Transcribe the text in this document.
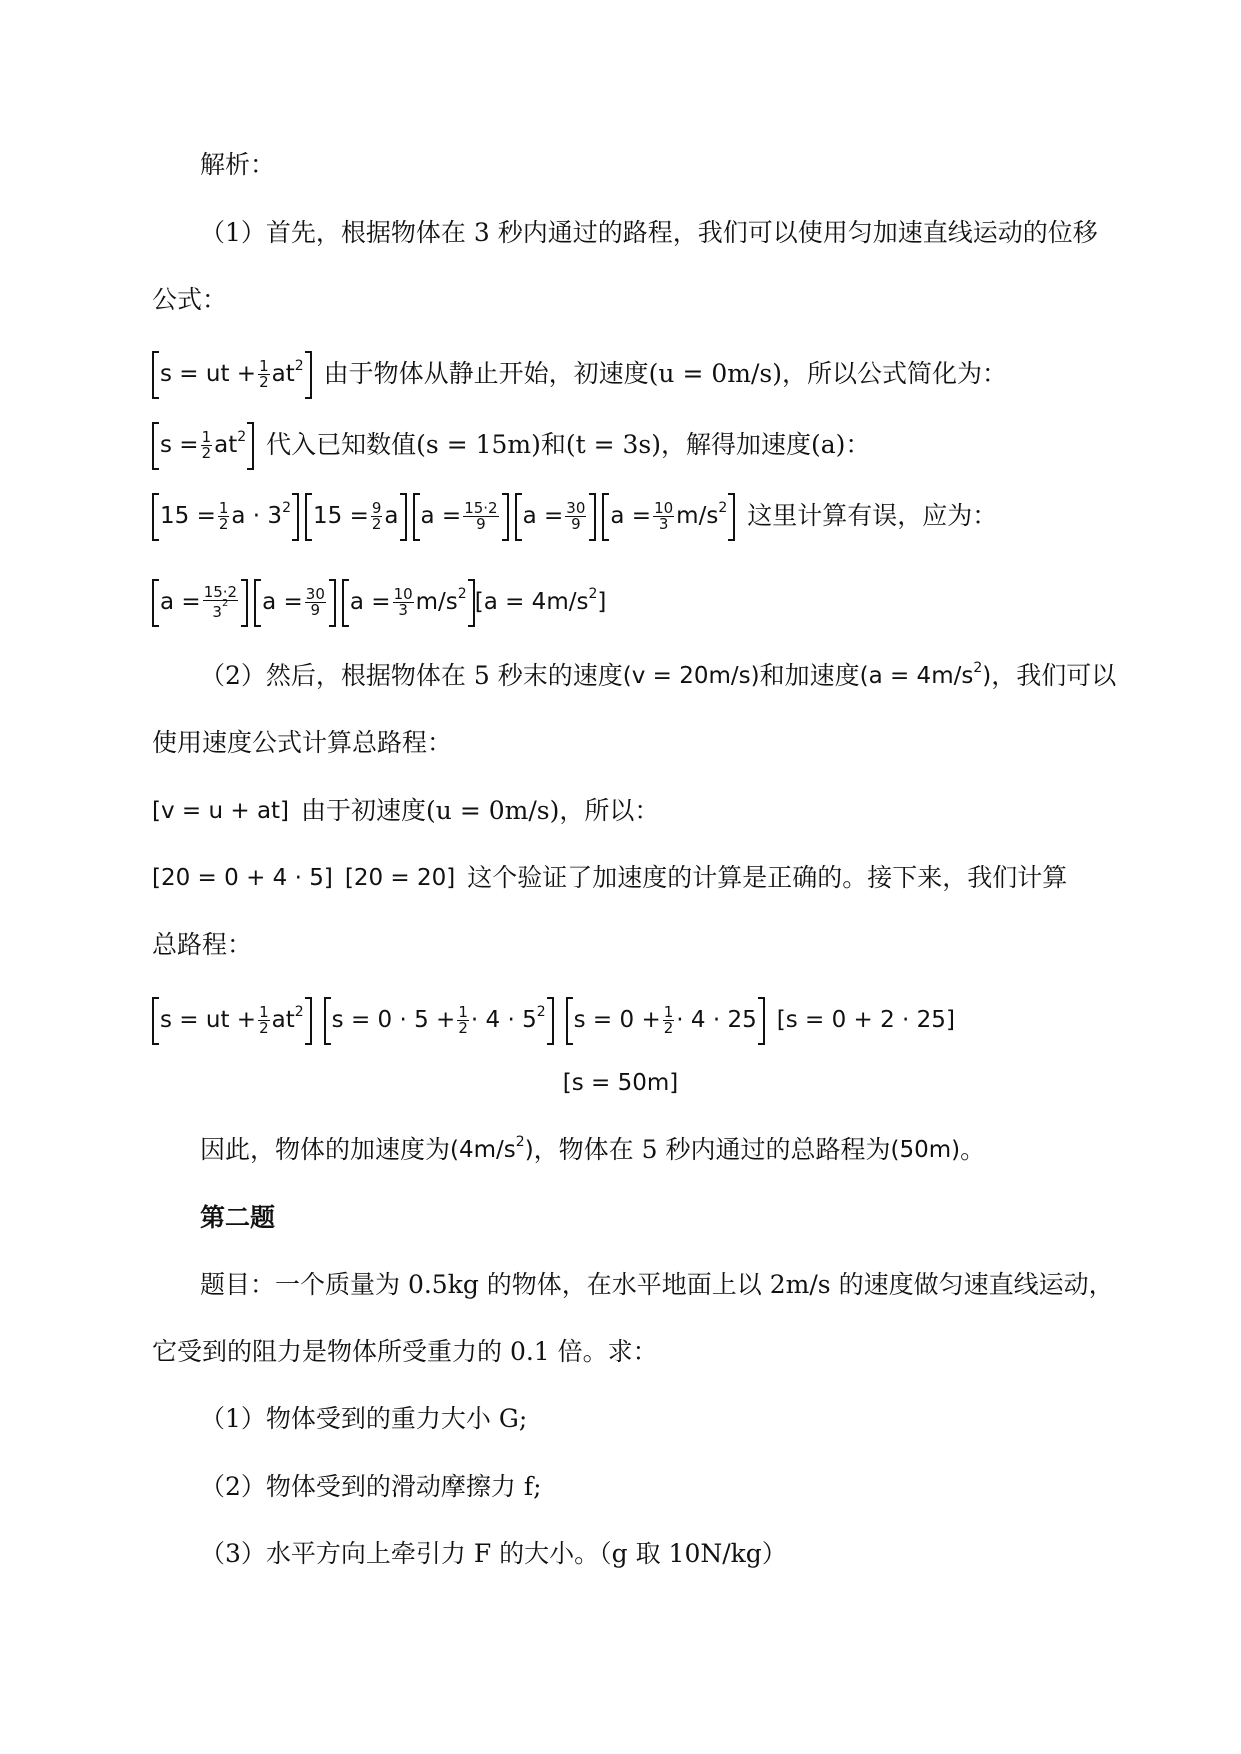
解析：
（1）首先，根据物体在 3 秒内通过的路程，我们可以使用匀加速直线运动的位移
公式：
s = ut + $\frac{1}{2} at^2$ 由于物体从静止开始，初速度(u = 0m/s)，所以公式简化为：
$s = \frac{1}{2} at^2$ 代入已知数值(s = 15m)和(t = 3s)，解得加速度(a)：
$15 = \frac{1}{2}$ $a \cdot 3^2$ $15 = \frac{9}{2}$ a $a = \frac{15\cdot 2}{9}$ $a = \frac{30}{9}$ $a = \frac{10}{3} m/s^2$ 这里计算有误，应为：
$a = \frac{15\cdot 2}{3^2}$ $a = \frac{30}{9}$ $a = \frac{10}{3} m/s^2$ [$a = 4m/s^2$ ]
（2）然后，根据物体在 5 秒末的速度 (v = 20m/s) 和加速度 ($a = 4m/s^2$ ) ，我们可以
使用速度公式计算总路程：
[v = u + at] 由于初速度(u = 0m/s)，所以：
[20 = 0 + 4 · 5] [20 = 20] 这个验证了加速度的计算是正确的。接下来，我们计算
总路程：
s = ut + $\frac{1}{2} at^2$ $s = 0 \cdot 5 + \frac{1}{2} \cdot 4 \cdot 5^2$ $s = 0 + \frac{1}{2} \cdot 4 \cdot 25$ [s = 0 + 2 · 25]
[s = 50m]
因此，物体的加速度为 ($4m/s^2$ ) ，物体在 5 秒内通过的总路程为 (50m) 。
第二题
题目：一个质量为 0.5kg 的物体，在水平地面上以 2m/s 的速度做匀速直线运动，
它受到的阻力是物体所受重力的 0.1 倍。求：
（1）物体受到的重力大小 G;
（2）物体受到的滑动摩擦力 f;
（3）水平方向上牵引力 F 的大小。（g 取 10N/kg）
